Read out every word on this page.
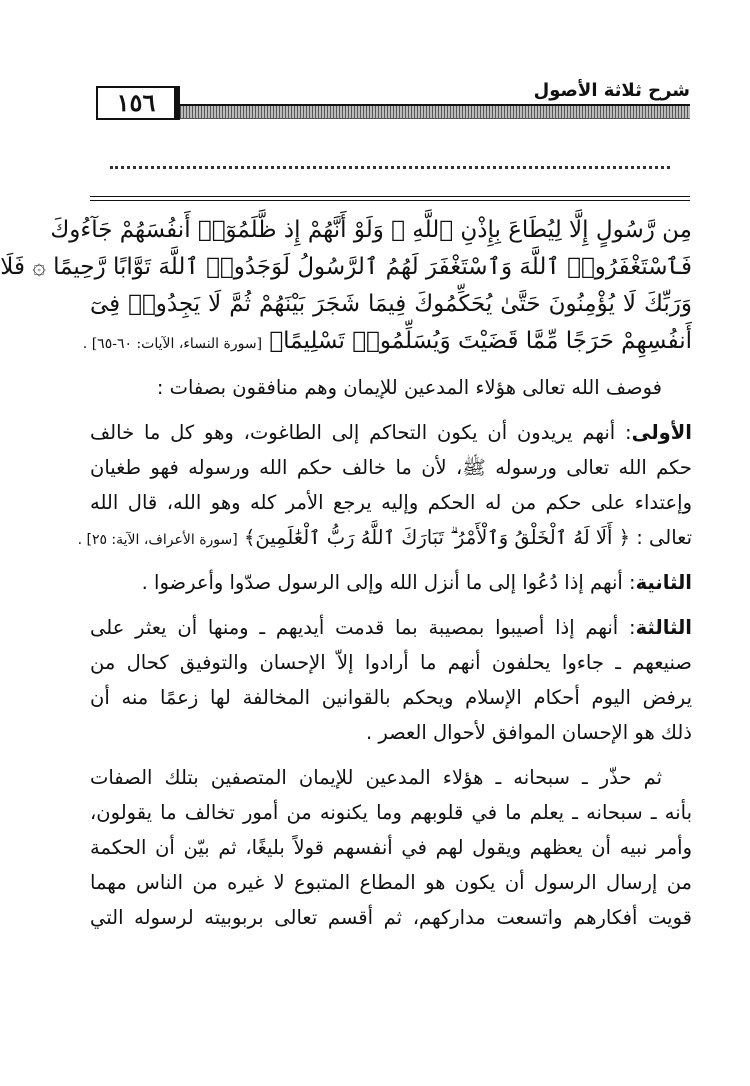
١٥٦	شرح ثلاثة الأصول
مِن رَّسُولٍ إِلَّا لِيُطَاعَ بِإِذْنِ ٱللَّهِ ۚ وَلَوْ أَنَّهُمْ إِذ ظَّلَمُوٓا۟ أَنفُسَهُمْ جَآءُوكَ
فَٱسْتَغْفَرُوا۟ ٱللَّهَ وَٱسْتَغْفَرَ لَهُمُ ٱلرَّسُولُ لَوَجَدُوا۟ ٱللَّهَ تَوَّابًا رَّحِيمًا ۞ فَلَا
وَرَبِّكَ لَا يُؤْمِنُونَ حَتَّىٰ يُحَكِّمُوكَ فِيمَا شَجَرَ بَيْنَهُمْ ثُمَّ لَا يَجِدُوا۟ فِىٓ
أَنفُسِهِمْ حَرَجًا مِّمَّا قَضَيْتَ وَيُسَلِّمُوا۟ تَسْلِيمًا﴾ [سورة النساء، الآيات: ٦٠-٦٥] .
فوصف الله تعالى هؤلاء المدعين للإيمان وهم منافقون بصفات :
الأولى: أنهم يريدون أن يكون التحاكم إلى الطاغوت، وهو كل ما خالف
حكم الله تعالى ورسوله ﷺ، لأن ما خالف حكم الله ورسوله فهو طغيان
وإعتداء على حكم من له الحكم وإليه يرجع الأمر كله وهو الله، قال الله
تعالى : ﴿ أَلَا لَهُ ٱلْخَلْقُ وَٱلْأَمْرُ ۗ تَبَارَكَ ٱللَّهُ رَبُّ ٱلْعَٰلَمِينَ﴾ [سورة الأعراف، الآية: ٢٥] .
الثانية: أنهم إذا دُعُوا إلى ما أنزل الله وإلى الرسول صدّوا وأعرضوا .
الثالثة: أنهم إذا أصيبوا بمصيبة بما قدمت أيديهم ـ ومنها أن يعثر على
صنيعهم ـ جاءوا يحلفون أنهم ما أرادوا إلاّ الإحسان والتوفيق كحال من
يرفض اليوم أحكام الإسلام ويحكم بالقوانين المخالفة لها زعمًا منه أن
ذلك هو الإحسان الموافق لأحوال العصر .
ثم حذّر ـ سبحانه ـ هؤلاء المدعين للإيمان المتصفين بتلك الصفات
بأنه ـ سبحانه ـ يعلم ما في قلوبهم وما يكنونه من أمور تخالف ما يقولون،
وأمر نبيه أن يعظهم ويقول لهم في أنفسهم قولاً بليغًا، ثم بيّن أن الحكمة
من إرسال الرسول أن يكون هو المطاع المتبوع لا غيره من الناس مهما
قويت أفكارهم واتسعت مداركهم، ثم أقسم تعالى بربوبيته لرسوله التي
